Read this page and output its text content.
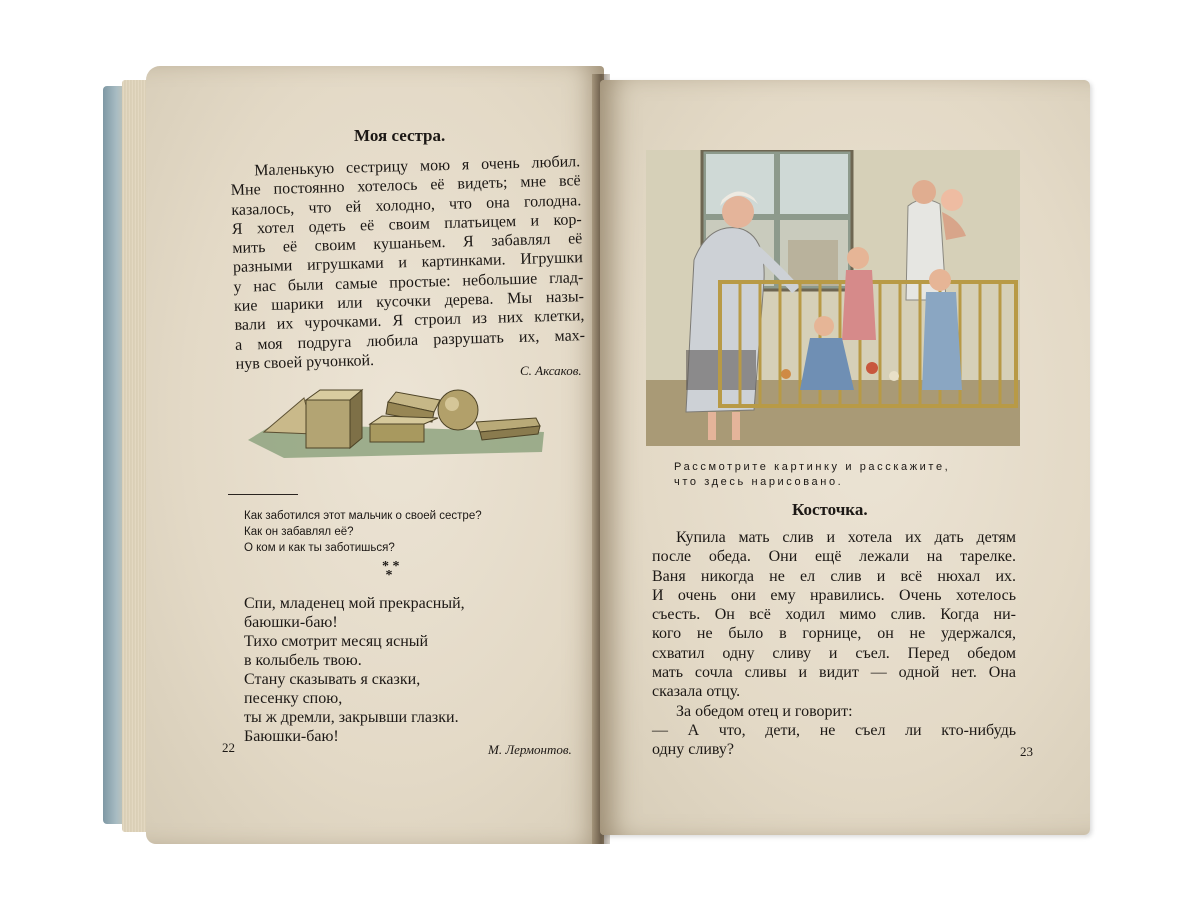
Моя сестра.
Маленькую сестрицу мою я очень любил.
Мне постоянно хотелось её видеть; мне всё
казалось, что ей холодно, что она голодна.
Я хотел одеть её своим платьицем и кор-
мить её своим кушаньем. Я забавлял её
разными игрушками и картинками. Игрушки
у нас были самые простые: небольшие глад-
кие шарики или кусочки дерева. Мы назы-
вали их чурочками. Я строил из них клетки,
а моя подруга любила разрушать их, мах-
нув своей ручонкой.	С. Аксаков.
Как заботился этот мальчик о своей сестре?
Как он забавлял её?
О ком и как ты заботишься?
* *
*
Спи, младенец мой прекрасный,
баюшки-баю!
Тихо смотрит месяц ясный
в колыбель твою.
Стану сказывать я сказки,
песенку спою,
ты ж дремли, закрывши глазки.
Баюшки-баю!
22	М. Лермонтов.
Рассмотрите картинку и расскажите,
что здесь нарисовано.
Косточка.
Купила мать слив и хотела их дать детям
после обеда. Они ещё лежали на тарелке.
Ваня никогда не ел слив и всё нюхал их.
И очень они ему нравились. Очень хотелось
съесть. Он всё ходил мимо слив. Когда ни-
кого не было в горнице, он не удержался,
схватил одну сливу и съел. Перед обедом
мать сочла сливы и видит — одной нет. Она
сказала отцу.
За обедом отец и говорит:
— А что, дети, не съел ли кто-нибудь
одну сливу?	23
